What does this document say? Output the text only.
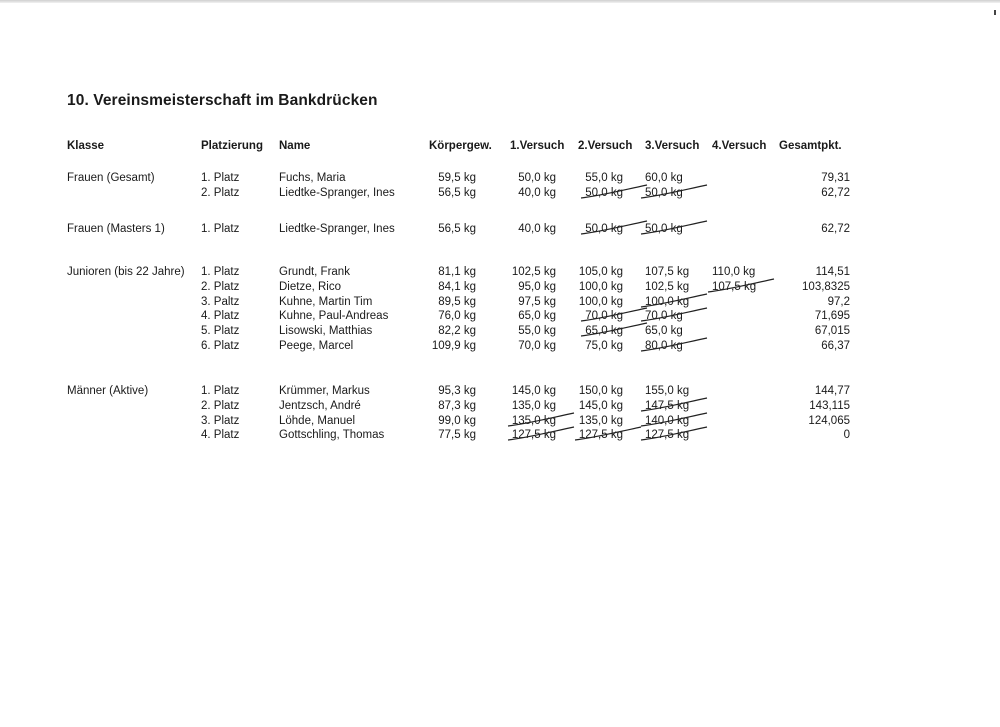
10. Vereinsmeisterschaft im Bankdrücken
Klasse	Platzierung Name	Körpergew. 1.Versuch 2.Versuch 3.Versuch 4.Versuch Gesamtpkt.
Frauen (Gesamt)	1. Platz	Fuchs, Maria	59,5 kg	50,0 kg	55,0 kg 60,0 kg	79,31
2. Platz	Liedtke-Spranger, Ines	56,5 kg	40,0 kg	50,0 kg 50,0 kg	62,72
Frauen (Masters 1)	1. Platz	Liedtke-Spranger, Ines	56,5 kg	40,0 kg	50,0 kg 50,0 kg	62,72
Junioren (bis 22 Jahre) 1. Platz	Grundt, Frank	81,1 kg	102,5 kg 105,0 kg 107,5 kg 110,0 kg	114,51
2. Platz	Dietze, Rico	84,1 kg	95,0 kg 100,0 kg 102,5 kg 107,5 kg	103,8325
3. Paltz	Kuhne, Martin Tim	89,5 kg	97,5 kg 100,0 kg 100,0 kg	97,2
4. Platz	Kuhne, Paul-Andreas	76,0 kg	65,0 kg	70,0 kg 70,0 kg	71,695
5. Platz	Lisowski, Matthias	82,2 kg	55,0 kg	65,0 kg 65,0 kg	67,015
6. Platz	Peege, Marcel	109,9 kg	70,0 kg	75,0 kg 80,0 kg	66,37
Männer (Aktive)	1. Platz	Krümmer, Markus	95,3 kg	145,0 kg 150,0 kg 155,0 kg	144,77
2. Platz	Jentzsch, André	87,3 kg	135,0 kg 145,0 kg 147,5 kg	143,115
3. Platz	Löhde, Manuel	99,0 kg	135,0 kg 135,0 kg 140,0 kg	124,065
4. Platz	Gottschling, Thomas	77,5 kg	127,5 kg 127,5 kg 127,5 kg	0
